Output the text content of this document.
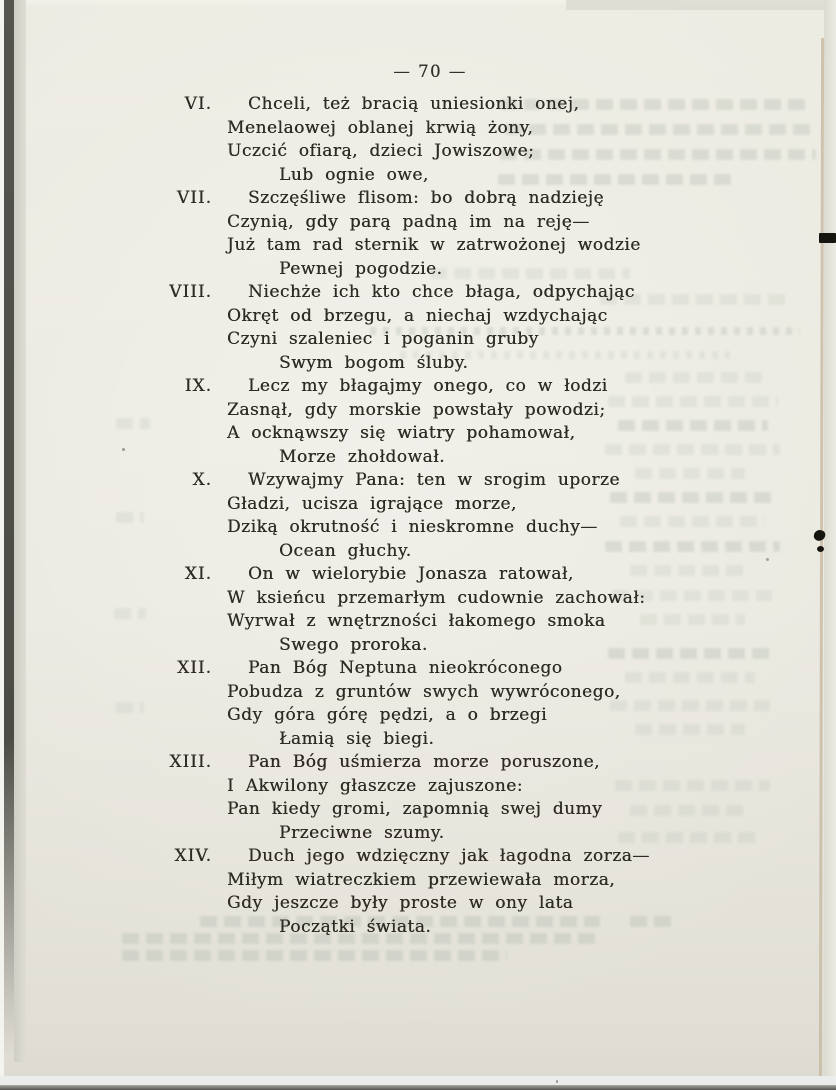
— 70 —
VI. Chceli, też bracią uniesionki onej,
Menelaowej oblanej krwią żony,
Uczcić ofiarą, dzieci Jowiszowe;
Lub ognie owe,
VII. Szczęśliwe flisom: bo dobrą nadzieję
Czynią, gdy parą padną im na reję—
Już tam rad sternik w zatrwożonej wodzie
Pewnej pogodzie.
VIII. Niechże ich kto chce błaga, odpychając
Okręt od brzegu, a niechaj wzdychając
Czyni szaleniec i poganin gruby
Swym bogom śluby.
IX. Lecz my błagajmy onego, co w łodzi
Zasnął, gdy morskie powstały powodzi;
A ocknąwszy się wiatry pohamował,
Morze zhołdował.
X. Wzywajmy Pana: ten w srogim uporze
Gładzi, ucisza igrające morze,
Dziką okrutność i nieskromne duchy—
Ocean głuchy.
XI. On w wielorybie Jonasza ratował,
W ksieńcu przemarłym cudownie zachował:
Wyrwał z wnętrzności łakomego smoka
Swego proroka.
XII. Pan Bóg Neptuna nieokróconego
Pobudza z gruntów swych wywróconego,
Gdy góra górę pędzi, a o brzegi
Łamią się biegi.
XIII. Pan Bóg uśmierza morze poruszone,
I Akwilony głaszcze zajuszone:
Pan kiedy gromi, zapomnią swej dumy
Przeciwne szumy.
XIV. Duch jego wdzięczny jak łagodna zorza—
Miłym wiatreczkiem przewiewała morza,
Gdy jeszcze były proste w ony lata
Początki świata.
